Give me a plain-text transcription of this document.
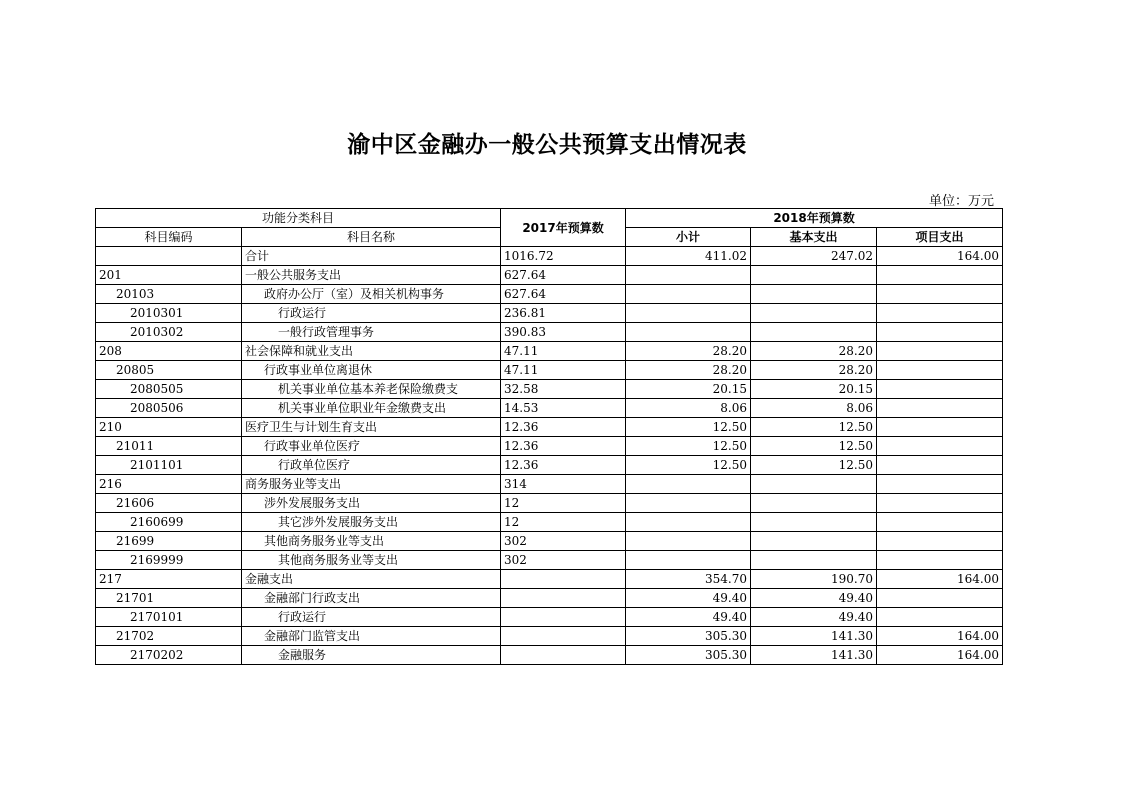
渝中区金融办一般公共预算支出情况表
单位：万元
功能分类科目		2017年预算数	2018年预算数		
科目编码	科目名称		小计	基本支出	项目支出
	合计	1016.72	411.02	247.02	164.00
201	一般公共服务支出	627.64			
20103	政府办公厅（室）及相关机构事务	627.64			
2010301	行政运行	236.81			
2010302	一般行政管理事务	390.83			
208	社会保障和就业支出	47.11	28.20	28.20	
20805	行政事业单位离退休	47.11	28.20	28.20	
2080505	机关事业单位基本养老保险缴费支	32.58	20.15	20.15	
2080506	机关事业单位职业年金缴费支出	14.53	8.06	8.06	
210	医疗卫生与计划生育支出	12.36	12.50	12.50	
21011	行政事业单位医疗	12.36	12.50	12.50	
2101101	行政单位医疗	12.36	12.50	12.50	
216	商务服务业等支出	314			
21606	涉外发展服务支出	12			
2160699	其它涉外发展服务支出	12			
21699	其他商务服务业等支出	302			
2169999	其他商务服务业等支出	302			
217	金融支出		354.70	190.70	164.00
21701	金融部门行政支出		49.40	49.40	
2170101	行政运行		49.40	49.40	
21702	金融部门监管支出		305.30	141.30	164.00
2170202	金融服务		305.30	141.30	164.00
